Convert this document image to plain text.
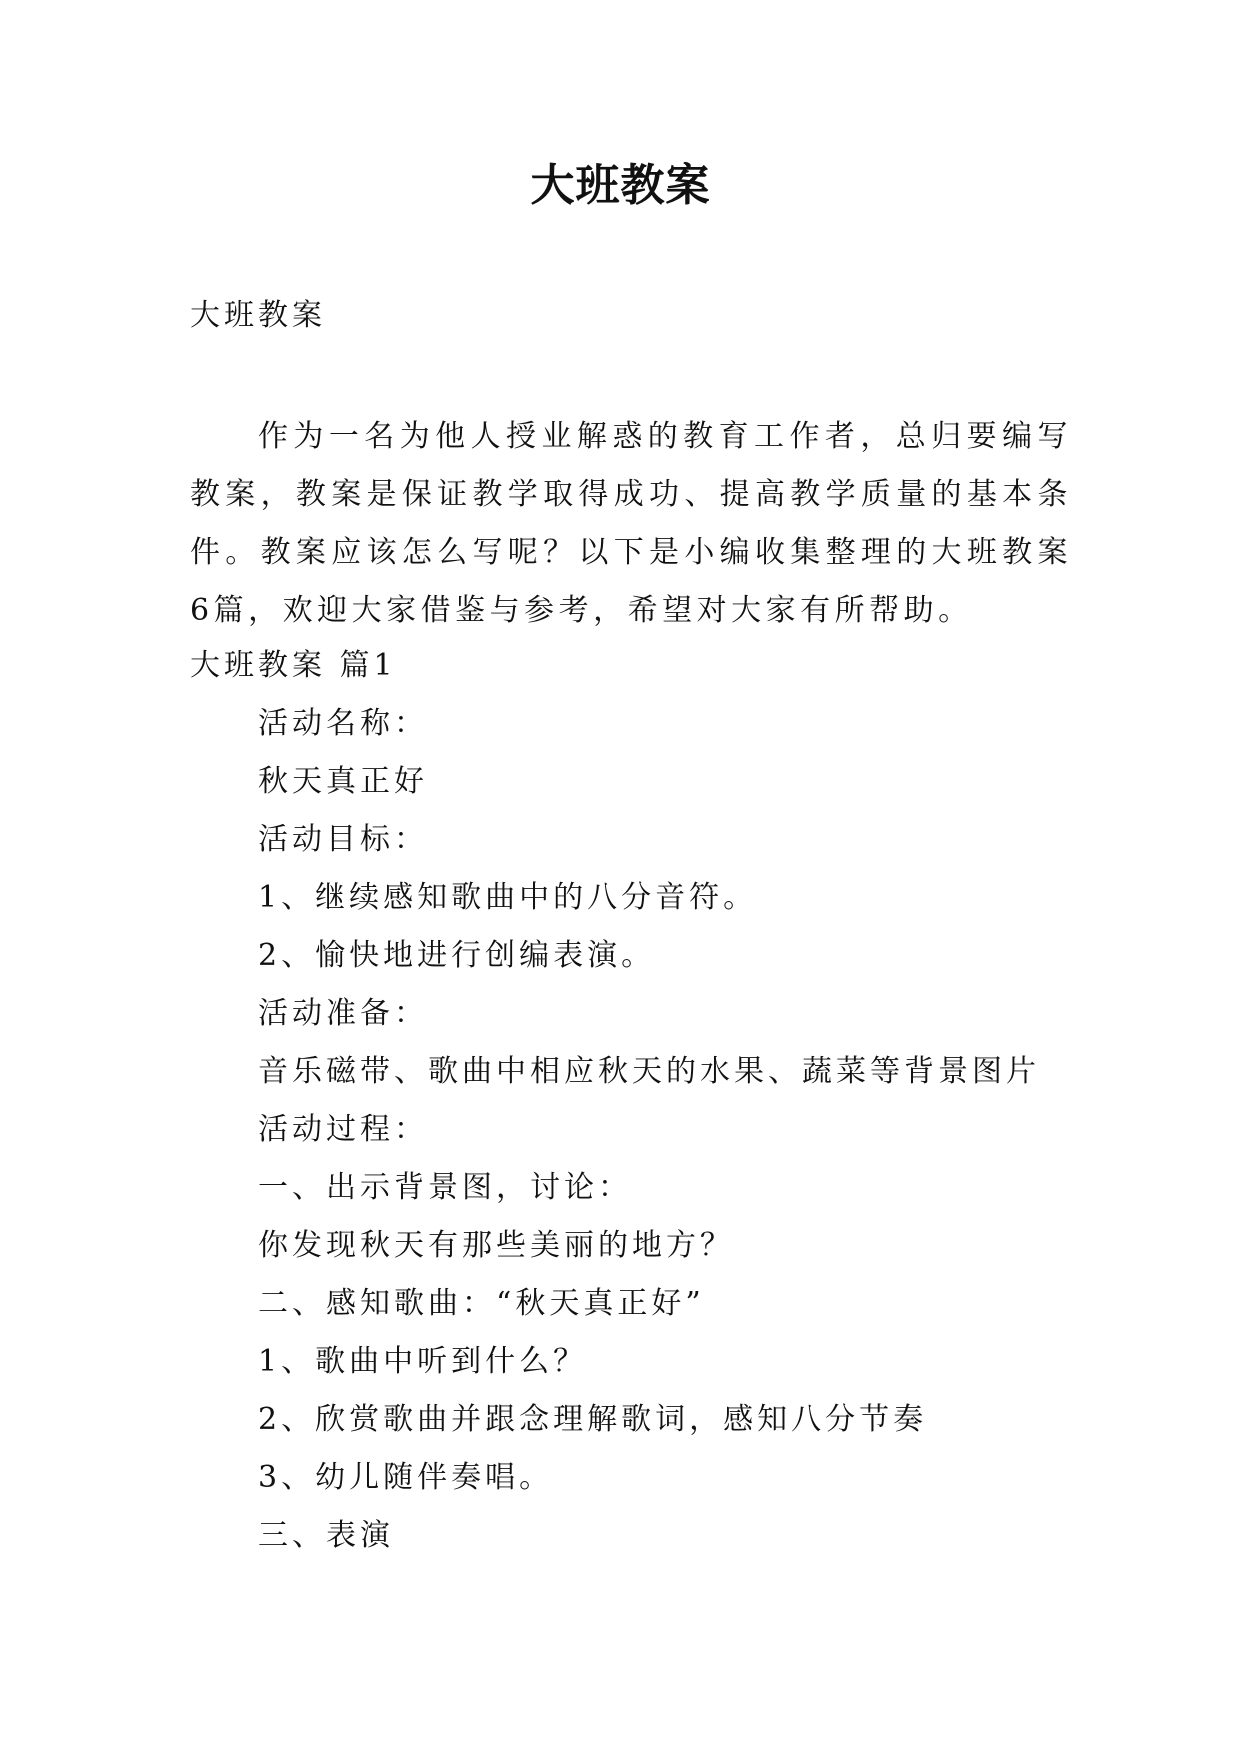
大班教案
大班教案
作为一名为他人授业解惑的教育工作者，总归要编写教案，教案是保证教学取得成功、提高教学质量的基本条件。教案应该怎么写呢？以下是小编收集整理的大班教案6篇，欢迎大家借鉴与参考，希望对大家有所帮助。
大班教案 篇1
活动名称：
秋天真正好
活动目标：
1、继续感知歌曲中的八分音符。
2、愉快地进行创编表演。
活动准备：
音乐磁带、歌曲中相应秋天的水果、蔬菜等背景图片
活动过程：
一、出示背景图，讨论：
你发现秋天有那些美丽的地方？
二、感知歌曲：“秋天真正好”
1、歌曲中听到什么？
2、欣赏歌曲并跟念理解歌词，感知八分节奏
3、幼儿随伴奏唱。
三、表演
